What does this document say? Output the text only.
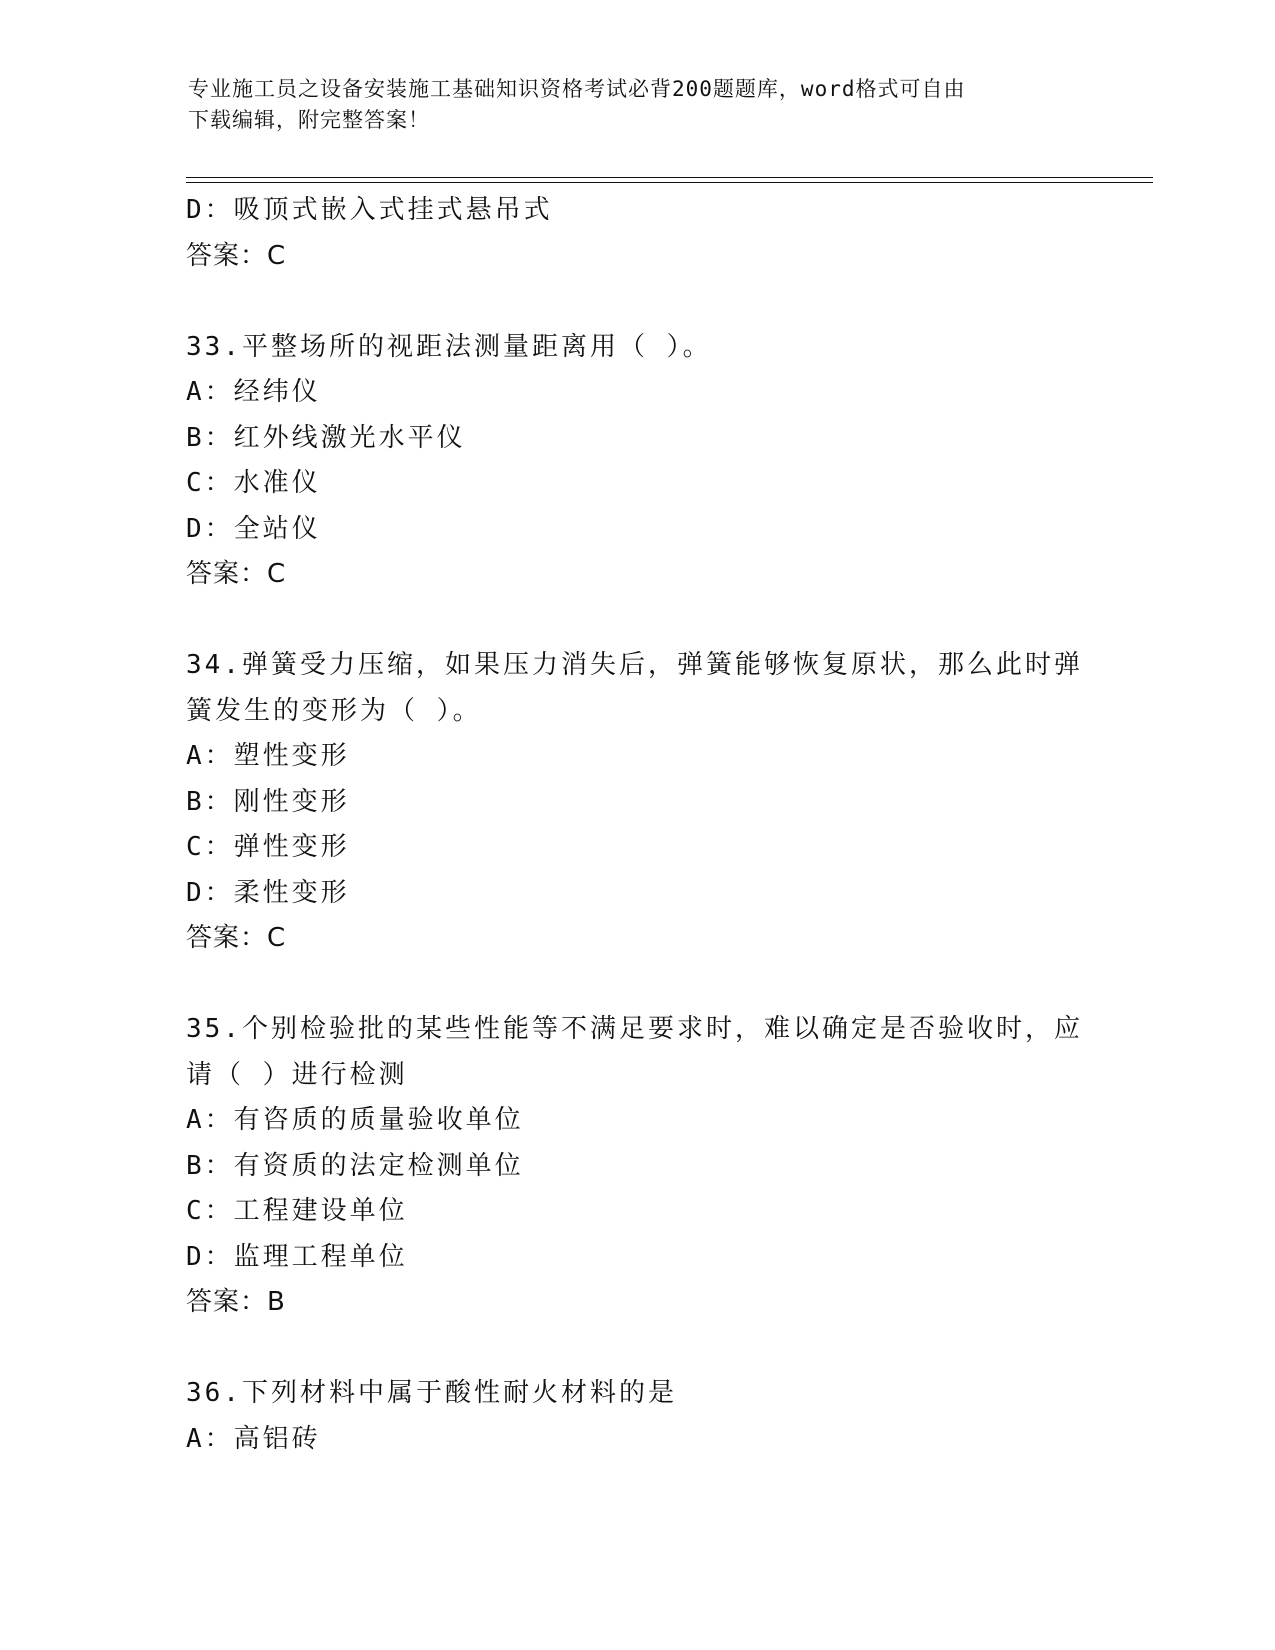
专业施工员之设备安装施工基础知识资格考试必背200题题库，word格式可自由
下载编辑，附完整答案！
D：吸顶式嵌入式挂式悬吊式
答案：C
33.平整场所的视距法测量距离用（ ）。
A：经纬仪
B：红外线激光水平仪
C：水准仪
D：全站仪
答案：C
34.弹簧受力压缩，如果压力消失后，弹簧能够恢复原状，那么此时弹
簧发生的变形为（ ）。
A：塑性变形
B：刚性变形
C：弹性变形
D：柔性变形
答案：C
35.个别检验批的某些性能等不满足要求时，难以确定是否验收时，应
请（ ）进行检测
A：有咨质的质量验收单位
B：有资质的法定检测单位
C：工程建设单位
D：监理工程单位
答案：B
36.下列材料中属于酸性耐火材料的是
A：高铝砖
